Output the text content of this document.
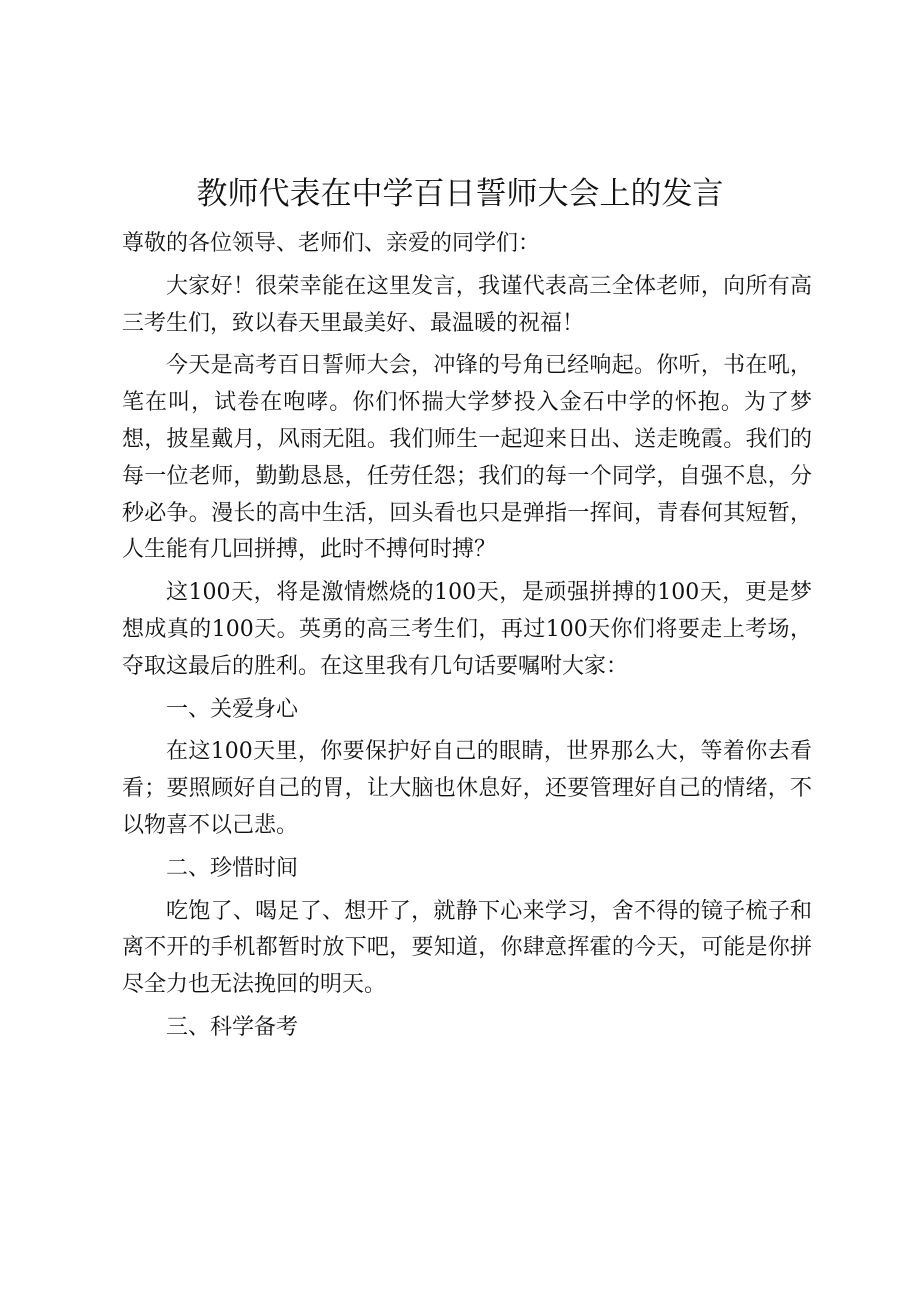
教师代表在中学百日誓师大会上的发言

尊敬的各位领导、老师们、亲爱的同学们：

大家好！很荣幸能在这里发言，我谨代表高三全体老师，向所有高三考生们，致以春天里最美好、最温暖的祝福！

今天是高考百日誓师大会，冲锋的号角已经响起。你听，书在吼，笔在叫，试卷在咆哮。你们怀揣大学梦投入金石中学的怀抱。为了梦想，披星戴月，风雨无阻。我们师生一起迎来日出、送走晚霞。我们的每一位老师，勤勤恳恳，任劳任怨；我们的每一个同学，自强不息，分秒必争。漫长的高中生活，回头看也只是弹指一挥间，青春何其短暂，人生能有几回拼搏，此时不搏何时搏？

这100天，将是激情燃烧的100天，是顽强拼搏的100天，更是梦想成真的100天。英勇的高三考生们，再过100天你们将要走上考场，夺取这最后的胜利。在这里我有几句话要嘱咐大家：

一、关爱身心

在这100天里，你要保护好自己的眼睛，世界那么大，等着你去看看；要照顾好自己的胃，让大脑也休息好，还要管理好自己的情绪，不以物喜不以己悲。

二、珍惜时间

吃饱了、喝足了、想开了，就静下心来学习，舍不得的镜子梳子和离不开的手机都暂时放下吧，要知道，你肆意挥霍的今天，可能是你拼尽全力也无法挽回的明天。

三、科学备考
